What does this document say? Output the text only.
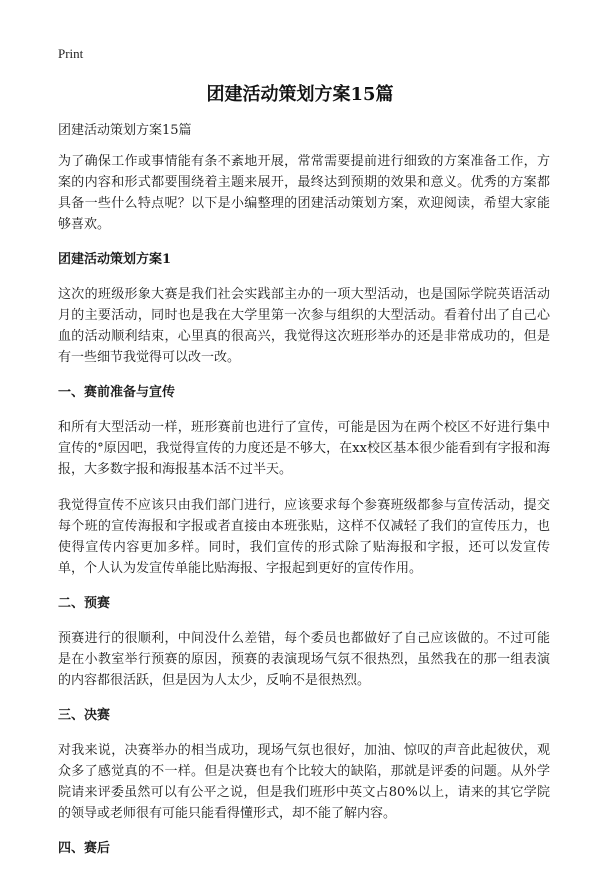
Print
团建活动策划方案15篇

团建活动策划方案15篇

为了确保工作或事情能有条不紊地开展，常常需要提前进行细致的方案准备工作，方案的内容和形式都要围绕着主题来展开，最终达到预期的效果和意义。优秀的方案都具备一些什么特点呢？以下是小编整理的团建活动策划方案，欢迎阅读，希望大家能够喜欢。

团建活动策划方案1

这次的班级形象大赛是我们社会实践部主办的一项大型活动，也是国际学院英语活动月的主要活动，同时也是我在大学里第一次参与组织的大型活动。看着付出了自己心血的活动顺利结束，心里真的很高兴，我觉得这次班形举办的还是非常成功的，但是有一些细节我觉得可以改一改。

一、赛前准备与宣传

和所有大型活动一样，班形赛前也进行了宣传，可能是因为在两个校区不好进行集中宣传的°原因吧，我觉得宣传的力度还是不够大，在xx校区基本很少能看到有字报和海报，大多数字报和海报基本活不过半天。

我觉得宣传不应该只由我们部门进行，应该要求每个参赛班级都参与宣传活动，提交每个班的宣传海报和字报或者直接由本班张贴，这样不仅减轻了我们的宣传压力，也使得宣传内容更加多样。同时，我们宣传的形式除了贴海报和字报，还可以发宣传单，个人认为发宣传单能比贴海报、字报起到更好的宣传作用。

二、预赛

预赛进行的很顺利，中间没什么差错，每个委员也都做好了自己应该做的。不过可能是在小教室举行预赛的原因，预赛的表演现场气氛不很热烈，虽然我在的那一组表演的内容都很活跃，但是因为人太少，反响不是很热烈。

三、决赛

对我来说，决赛举办的相当成功，现场气氛也很好，加油、惊叹的声音此起彼伏，观众多了感觉真的不一样。但是决赛也有个比较大的缺陷，那就是评委的问题。从外学院请来评委虽然可以有公平之说，但是我们班形中英文占80%以上，请来的其它学院的领导或老师很有可能只能看得懂形式，却不能了解内容。

四、赛后
